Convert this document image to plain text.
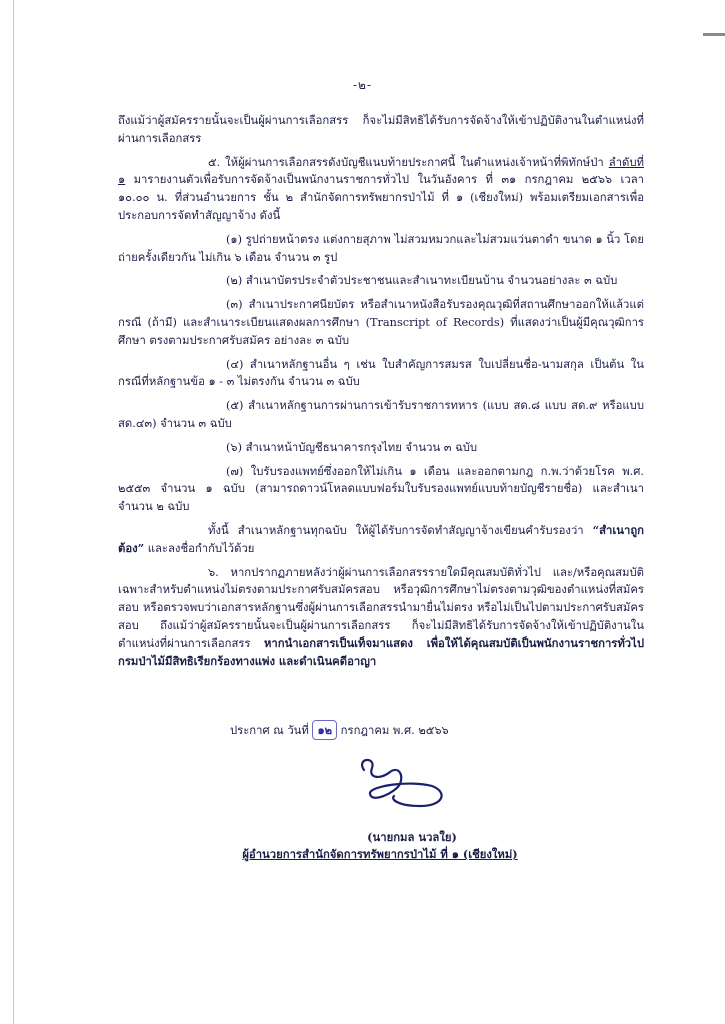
-๒-

ถึงแม้ว่าผู้สมัครรายนั้นจะเป็นผู้ผ่านการเลือกสรร ก็จะไม่มีสิทธิได้รับการจัดจ้างให้เข้าปฏิบัติงานในตำแหน่งที่ผ่านการเลือกสรร

๕. ให้ผู้ผ่านการเลือกสรรดังบัญชีแนบท้ายประกาศนี้ ในตำแหน่งเจ้าหน้าที่พิทักษ์ป่า ลำดับที่ ๑ มารายงานตัวเพื่อรับการจัดจ้างเป็นพนักงานราชการทั่วไป ในวันอังคาร ที่ ๓๑ กรกฎาคม ๒๕๖๖ เวลา ๑๐.๐๐ น. ที่ส่วนอำนวยการ ชั้น ๒ สำนักจัดการทรัพยากรป่าไม้ ที่ ๑ (เชียงใหม่) พร้อมเตรียมเอกสารเพื่อประกอบการจัดทำสัญญาจ้าง ดังนี้

(๑) รูปถ่ายหน้าตรง แต่งกายสุภาพ ไม่สวมหมวกและไม่สวมแว่นตาดำ ขนาด ๑ นิ้ว โดยถ่ายครั้งเดียวกัน ไม่เกิน ๖ เดือน จำนวน ๓ รูป

(๒) สำเนาบัตรประจำตัวประชาชนและสำเนาทะเบียนบ้าน จำนวนอย่างละ ๓ ฉบับ

(๓) สำเนาประกาศนียบัตร หรือสำเนาหนังสือรับรองคุณวุฒิที่สถานศึกษาออกให้แล้วแต่กรณี (ถ้ามี) และสำเนาระเบียนแสดงผลการศึกษา (Transcript of Records) ที่แสดงว่าเป็นผู้มีคุณวุฒิการศึกษา ตรงตามประกาศรับสมัคร อย่างละ ๓ ฉบับ

(๔) สำเนาหลักฐานอื่น ๆ เช่น ใบสำคัญการสมรส ใบเปลี่ยนชื่อ-นามสกุล เป็นต้น ในกรณีที่หลักฐานข้อ ๑ - ๓ ไม่ตรงกัน จำนวน ๓ ฉบับ

(๕) สำเนาหลักฐานการผ่านการเข้ารับราชการทหาร (แบบ สด.๘ แบบ สด.๙ หรือแบบ สด.๔๓) จำนวน ๓ ฉบับ

(๖) สำเนาหน้าบัญชีธนาคารกรุงไทย จำนวน ๓ ฉบับ

(๗) ใบรับรองแพทย์ซึ่งออกให้ไม่เกิน ๑ เดือน และออกตามกฎ ก.พ.ว่าด้วยโรค พ.ศ. ๒๕๕๓ จำนวน ๑ ฉบับ (สามารถดาวน์โหลดแบบฟอร์มใบรับรองแพทย์แบบท้ายบัญชีรายชื่อ) และสำเนา จำนวน ๒ ฉบับ

ทั้งนี้ สำเนาหลักฐานทุกฉบับ ให้ผู้ได้รับการจัดทำสัญญาจ้างเขียนคำรับรองว่า “สำเนาถูกต้อง” และลงชื่อกำกับไว้ด้วย

๖. หากปรากฏภายหลังว่าผู้ผ่านการเลือกสรรรายใดมีคุณสมบัติทั่วไป และ/หรือคุณสมบัติเฉพาะสำหรับตำแหน่งไม่ตรงตามประกาศรับสมัครสอบ หรือวุฒิการศึกษาไม่ตรงตามวุฒิของตำแหน่งที่สมัครสอบ หรือตรวจพบว่าเอกสารหลักฐานซึ่งผู้ผ่านการเลือกสรรนำมายื่นไม่ตรง หรือไม่เป็นไปตามประกาศรับสมัครสอบ ถึงแม้ว่าผู้สมัครรายนั้นจะเป็นผู้ผ่านการเลือกสรร ก็จะไม่มีสิทธิได้รับการจัดจ้างให้เข้าปฏิบัติงานในตำแหน่งที่ผ่านการเลือกสรร หากนำเอกสารเป็นเท็จมาแสดง เพื่อให้ได้คุณสมบัติเป็นพนักงานราชการทั่วไป กรมป่าไม้มีสิทธิเรียกร้องทางแพ่ง และดำเนินคดีอาญา

ประกาศ ณ วันที่ ๑๒ กรกฎาคม พ.ศ. ๒๕๖๖
(นายกมล นวลใย)
ผู้อำนวยการสำนักจัดการทรัพยากรป่าไม้ ที่ ๑ (เชียงใหม่)
